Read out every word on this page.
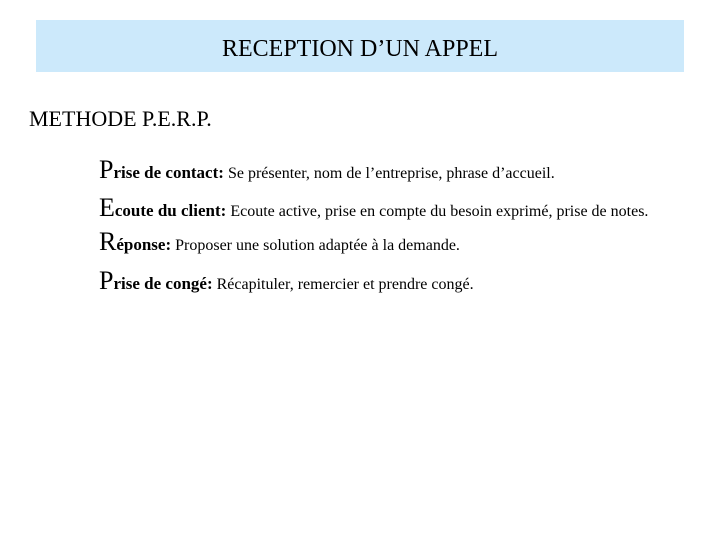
RECEPTION D’UN APPEL
METHODE P.E.R.P.
Prise de contact: Se présenter, nom de l’entreprise, phrase d’accueil.
Ecoute du client: Ecoute active, prise en compte du besoin exprimé, prise de notes.
Réponse: Proposer une solution adaptée à la demande.
Prise de congé: Récapituler, remercier et prendre congé.
